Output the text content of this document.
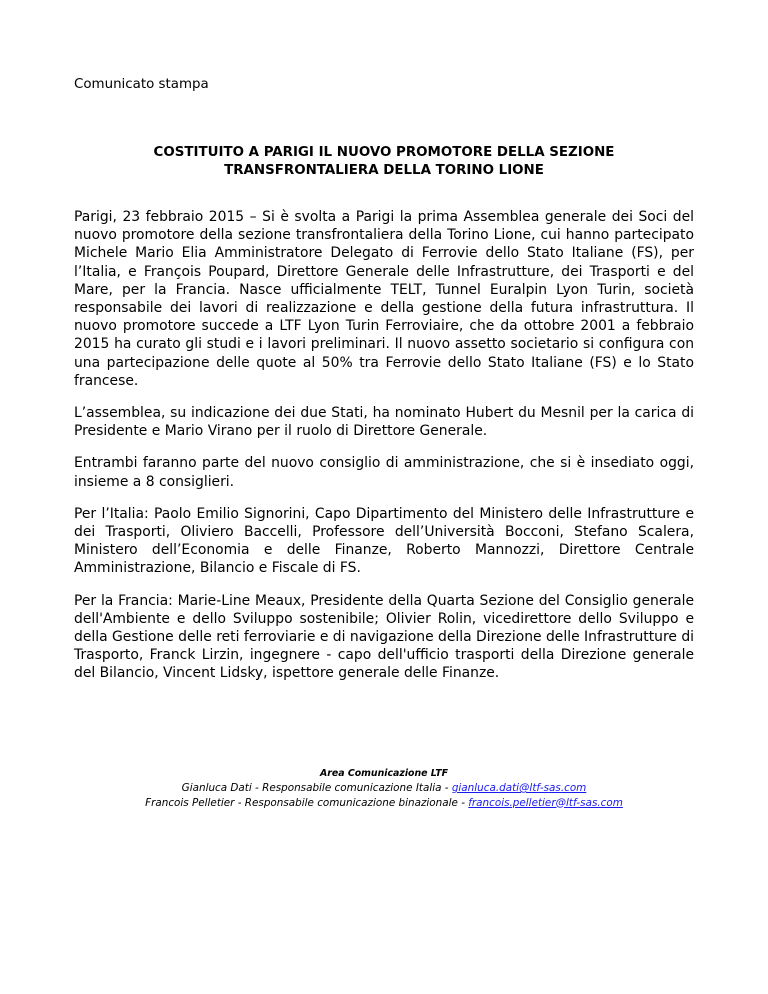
Comunicato stampa
COSTITUITO A PARIGI IL NUOVO PROMOTORE DELLA SEZIONE
TRANSFRONTALIERA DELLA TORINO LIONE

Parigi, 23 febbraio 2015 – Si è svolta a Parigi la prima Assemblea generale dei Soci del nuovo promotore della sezione transfrontaliera della Torino Lione, cui hanno partecipato Michele Mario Elia Amministratore Delegato di Ferrovie dello Stato Italiane (FS), per l’Italia, e François Poupard, Direttore Generale delle Infrastrutture, dei Trasporti e del Mare, per la Francia. Nasce ufficialmente TELT, Tunnel Euralpin Lyon Turin, società responsabile dei lavori di realizzazione e della gestione della futura infrastruttura. Il nuovo promotore succede a LTF Lyon Turin Ferroviaire, che da ottobre 2001 a febbraio 2015 ha curato gli studi e i lavori preliminari. Il nuovo assetto societario si configura con una partecipazione delle quote al 50% tra Ferrovie dello Stato Italiane (FS) e lo Stato francese.

L’assemblea, su indicazione dei due Stati, ha nominato Hubert du Mesnil per la carica di Presidente e Mario Virano per il ruolo di Direttore Generale.

Entrambi faranno parte del nuovo consiglio di amministrazione, che si è insediato oggi, insieme a 8 consiglieri.

Per l’Italia: Paolo Emilio Signorini, Capo Dipartimento del Ministero delle Infrastrutture e dei Trasporti, Oliviero Baccelli, Professore dell’Università Bocconi, Stefano Scalera, Ministero dell’Economia e delle Finanze, Roberto Mannozzi, Direttore Centrale Amministrazione, Bilancio e Fiscale di FS.

Per la Francia: Marie-Line Meaux, Presidente della Quarta Sezione del Consiglio generale dell'Ambiente e dello Sviluppo sostenibile; Olivier Rolin, vicedirettore dello Sviluppo e della Gestione delle reti ferroviarie e di navigazione della Direzione delle Infrastrutture di Trasporto, Franck Lirzin, ingegnere - capo dell'ufficio trasporti della Direzione generale del Bilancio, Vincent Lidsky, ispettore generale delle Finanze.

Area Comunicazione LTF
Gianluca Dati - Responsabile comunicazione Italia - gianluca.dati@ltf-sas.com
Francois Pelletier - Responsabile comunicazione binazionale - francois.pelletier@ltf-sas.com
